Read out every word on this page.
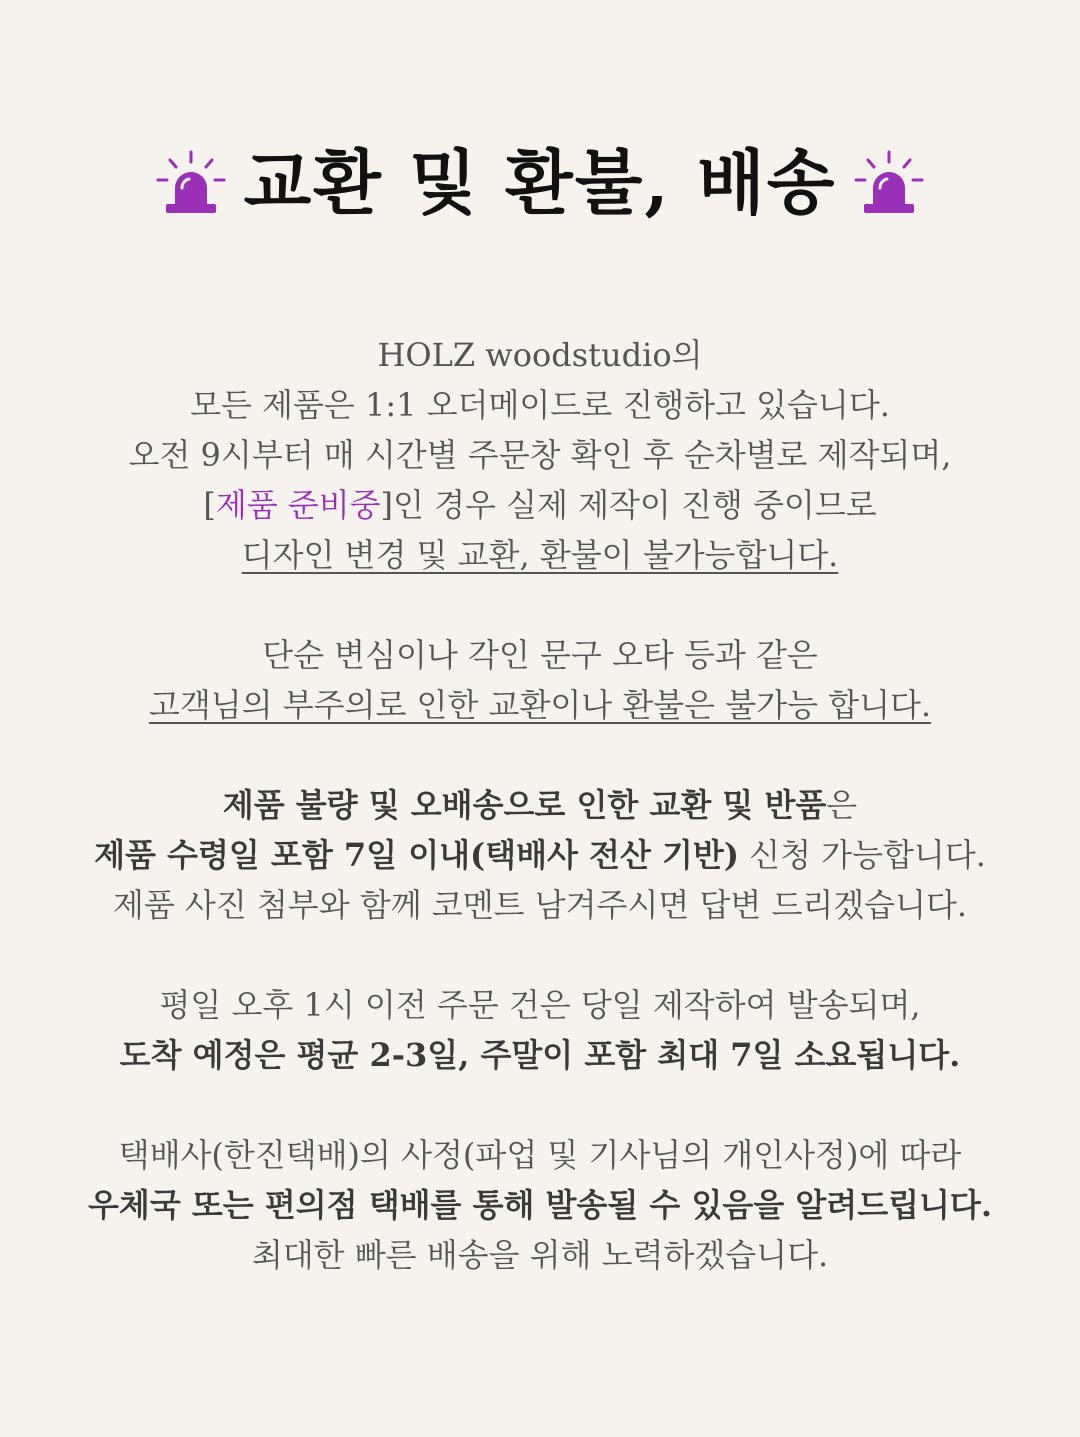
교환 및 환불, 배송
HOLZ woodstudio의
모든 제품은 1:1 오더메이드로 진행하고 있습니다.
오전 9시부터 매 시간별 주문창 확인 후 순차별로 제작되며,
[제품 준비중]인 경우 실제 제작이 진행 중이므로
디자인 변경 및 교환, 환불이 불가능합니다.
단순 변심이나 각인 문구 오타 등과 같은
고객님의 부주의로 인한 교환이나 환불은 불가능 합니다.
제품 불량 및 오배송으로 인한 교환 및 반품은
제품 수령일 포함 7일 이내(택배사 전산 기반) 신청 가능합니다.
제품 사진 첨부와 함께 코멘트 남겨주시면 답변 드리겠습니다.
평일 오후 1시 이전 주문 건은 당일 제작하여 발송되며,
도착 예정은 평균 2-3일, 주말이 포함 최대 7일 소요됩니다.
택배사(한진택배)의 사정(파업 및 기사님의 개인사정)에 따라
우체국 또는 편의점 택배를 통해 발송될 수 있음을 알려드립니다.
최대한 빠른 배송을 위해 노력하겠습니다.
